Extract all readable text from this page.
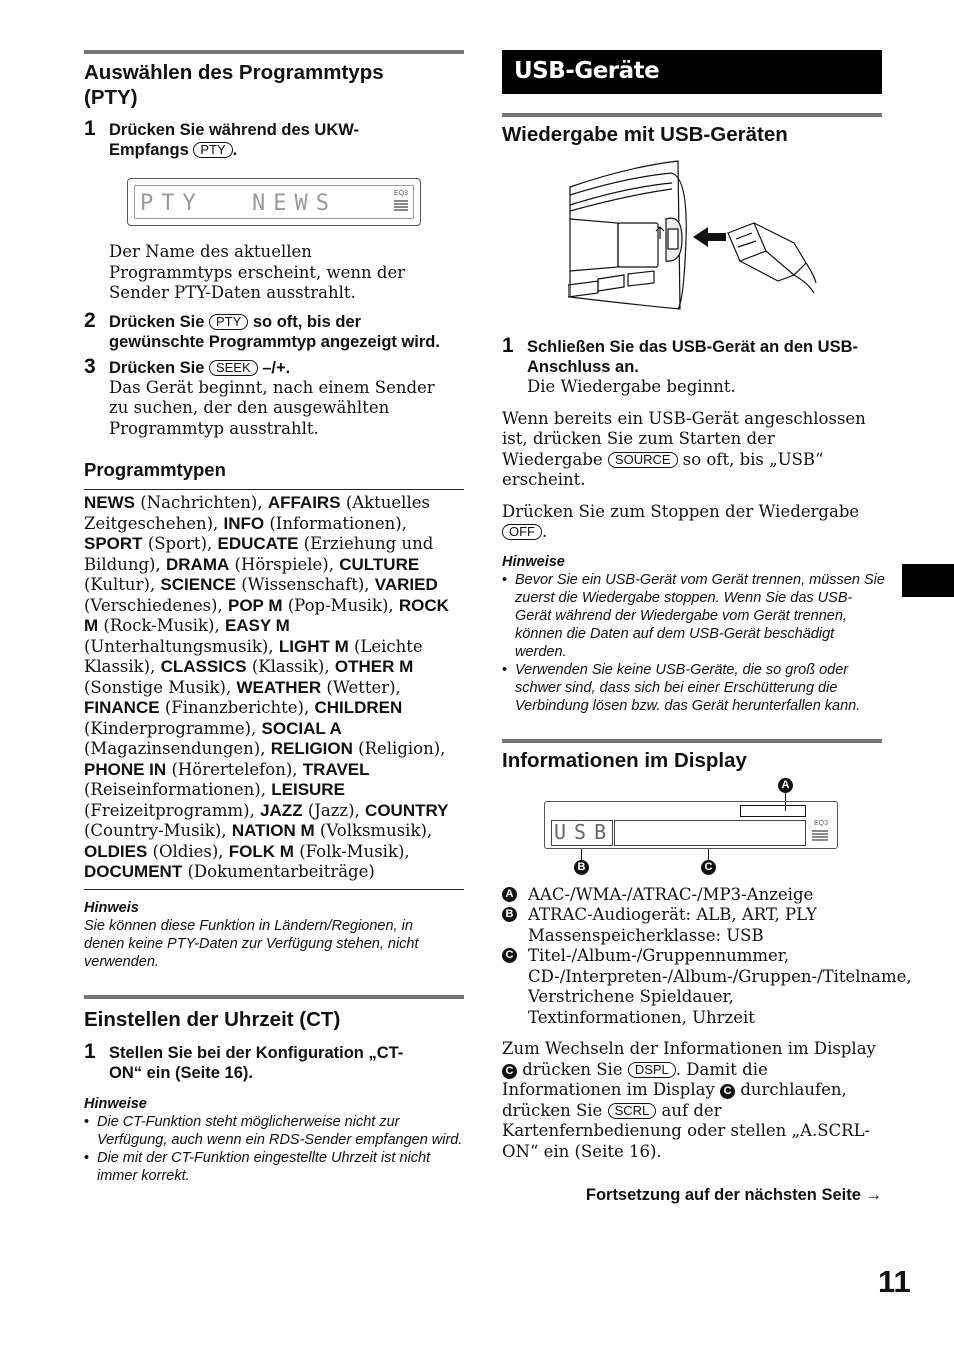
Auswählen des Programmtyps (PTY)
1 Drücken Sie während des UKW-Empfangs PTY .
PTY NEWS	EQ3
Der Name des aktuellen Programmtyps erscheint, wenn der Sender PTY-Daten ausstrahlt.
2 Drücken Sie PTY so oft, bis der gewünschte Programmtyp angezeigt wird.
3 Drücken Sie SEEK –/+.
Das Gerät beginnt, nach einem Sender zu suchen, der den ausgewählten Programmtyp ausstrahlt.
Programmtypen
NEWS (Nachrichten), AFFAIRS (Aktuelles Zeitgeschehen), INFO (Informationen), SPORT (Sport), EDUCATE (Erziehung und Bildung), DRAMA (Hörspiele), CULTURE (Kultur), SCIENCE (Wissenschaft), VARIED (Verschiedenes), POP M (Pop-Musik), ROCK M (Rock-Musik), EASY M (Unterhaltungsmusik), LIGHT M (Leichte Klassik), CLASSICS (Klassik), OTHER M (Sonstige Musik), WEATHER (Wetter), FINANCE (Finanzberichte), CHILDREN (Kinderprogramme), SOCIAL A (Magazinsendungen), RELIGION (Religion), PHONE IN (Hörertelefon), TRAVEL (Reiseinformationen), LEISURE (Freizeitprogramm), JAZZ (Jazz), COUNTRY (Country-Musik), NATION M (Volksmusik), OLDIES (Oldies), FOLK M (Folk-Musik), DOCUMENT (Dokumentarbeiträge)
Hinweis
Sie können diese Funktion in Ländern/Regionen, in denen keine PTY-Daten zur Verfügung stehen, nicht verwenden.
Einstellen der Uhrzeit (CT)
1 Stellen Sie bei der Konfiguration „CT-ON“ ein (Seite 16).
Hinweise
• Die CT-Funktion steht möglicherweise nicht zur Verfügung, auch wenn ein RDS-Sender empfangen wird.
• Die mit der CT-Funktion eingestellte Uhrzeit ist nicht immer korrekt.
USB-Geräte
Wiedergabe mit USB-Geräten
1 Schließen Sie das USB-Gerät an den USB-Anschluss an.
Die Wiedergabe beginnt.
Wenn bereits ein USB-Gerät angeschlossen ist, drücken Sie zum Starten der Wiedergabe SOURCE so oft, bis „USB“ erscheint.
Drücken Sie zum Stoppen der Wiedergabe OFF .
Hinweise
• Bevor Sie ein USB-Gerät vom Gerät trennen, müssen Sie zuerst die Wiedergabe stoppen. Wenn Sie das USB-Gerät während der Wiedergabe vom Gerät trennen, können die Daten auf dem USB-Gerät beschädigt werden.
• Verwenden Sie keine USB-Geräte, die so groß oder schwer sind, dass sich bei einer Erschütterung die Verbindung lösen bzw. das Gerät herunterfallen kann.
Informationen im Display
A
USB	EQ3
B	C
A AAC-/WMA-/ATRAC-/MP3-Anzeige
B ATRAC-Audiogerät: ALB, ART, PLY Massenspeicherklasse: USB
C Titel-/Album-/Gruppennummer, CD-/Interpreten-/Album-/Gruppen-/Titelname, Verstrichene Spieldauer, Textinformationen, Uhrzeit
Zum Wechseln der Informationen im Display C drücken Sie DSPL . Damit die Informationen im Display C durchlaufen, drücken Sie SCRL auf der Kartenfernbedienung oder stellen „A.SCRL-ON“ ein (Seite 16).
Fortsetzung auf der nächsten Seite →
11
